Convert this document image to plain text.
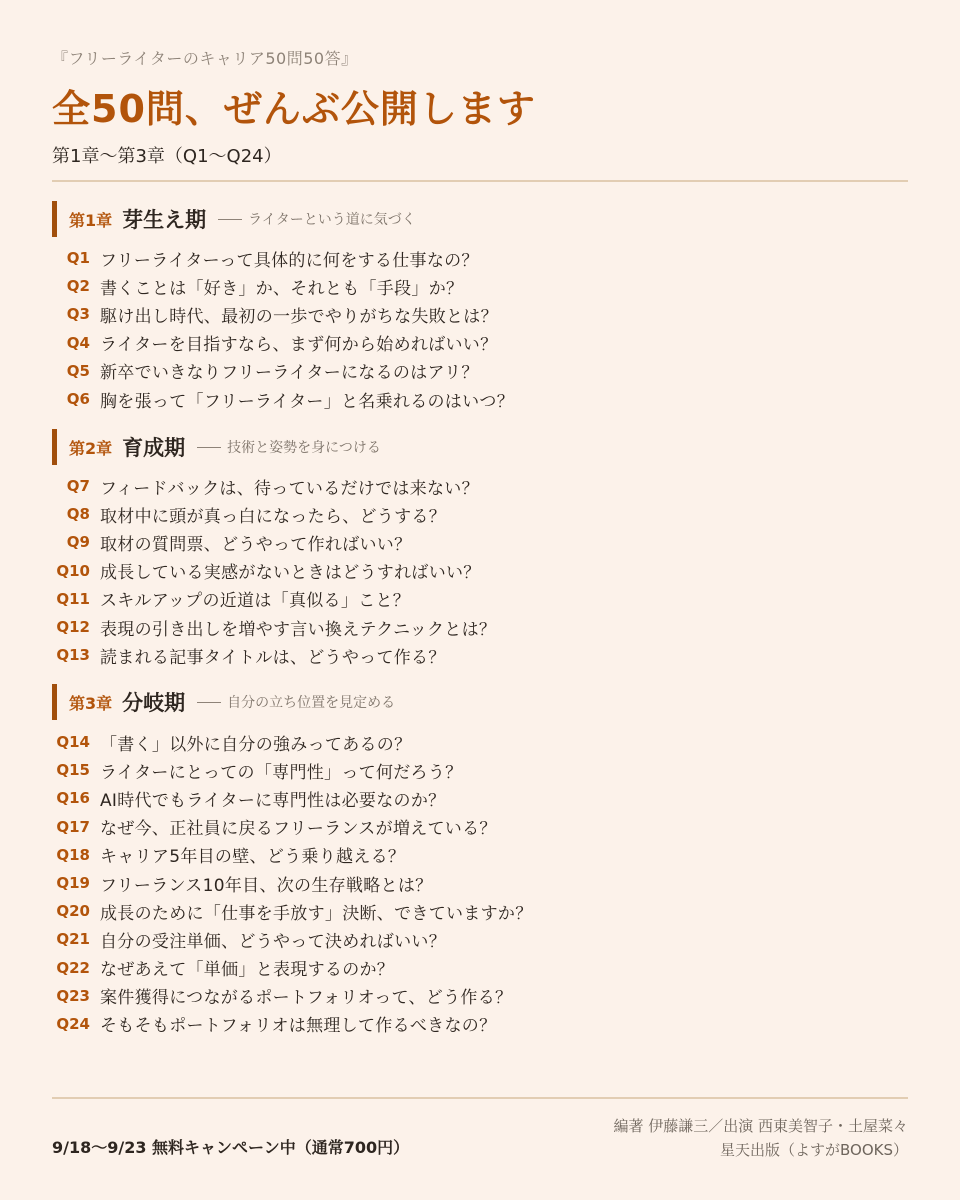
『フリーライターのキャリア50問50答』
全50問、ぜんぶ公開します
第1章〜第3章（Q1〜Q24）
第1章 芽生え期	ライターという道に気づく
Q1 フリーライターって具体的に何をする仕事なの？
Q2 書くことは「好き」か、それとも「手段」か？
Q3 駆け出し時代、最初の一歩でやりがちな失敗とは？
Q4 ライターを目指すなら、まず何から始めればいい？
Q5 新卒でいきなりフリーライターになるのはアリ？
Q6 胸を張って「フリーライター」と名乗れるのはいつ？
第2章 育成期	技術と姿勢を身につける
Q7 フィードバックは、待っているだけでは来ない？
Q8 取材中に頭が真っ白になったら、どうする？
Q9 取材の質問票、どうやって作ればいい？
Q10 成長している実感がないときはどうすればいい？
Q11 スキルアップの近道は「真似る」こと？
Q12 表現の引き出しを増やす言い換えテクニックとは？
Q13 読まれる記事タイトルは、どうやって作る？
第3章 分岐期	自分の立ち位置を見定める
Q14 「書く」以外に自分の強みってあるの？
Q15 ライターにとっての「専門性」って何だろう？
Q16 AI時代でもライターに専門性は必要なのか？
Q17 なぜ今、正社員に戻るフリーランスが増えている？
Q18 キャリア5年目の壁、どう乗り越える？
Q19 フリーランス10年目、次の生存戦略とは？
Q20 成長のために「仕事を手放す」決断、できていますか？
Q21 自分の受注単価、どうやって決めればいい？
Q22 なぜあえて「単価」と表現するのか？
Q23 案件獲得につながるポートフォリオって、どう作る？
Q24 そもそもポートフォリオは無理して作るべきなの？
9/18〜9/23 無料キャンペーン中（通常700円）
編著 伊藤謙三／出演 西東美智子・土屋菜々
星天出版（よすがBOOKS）
